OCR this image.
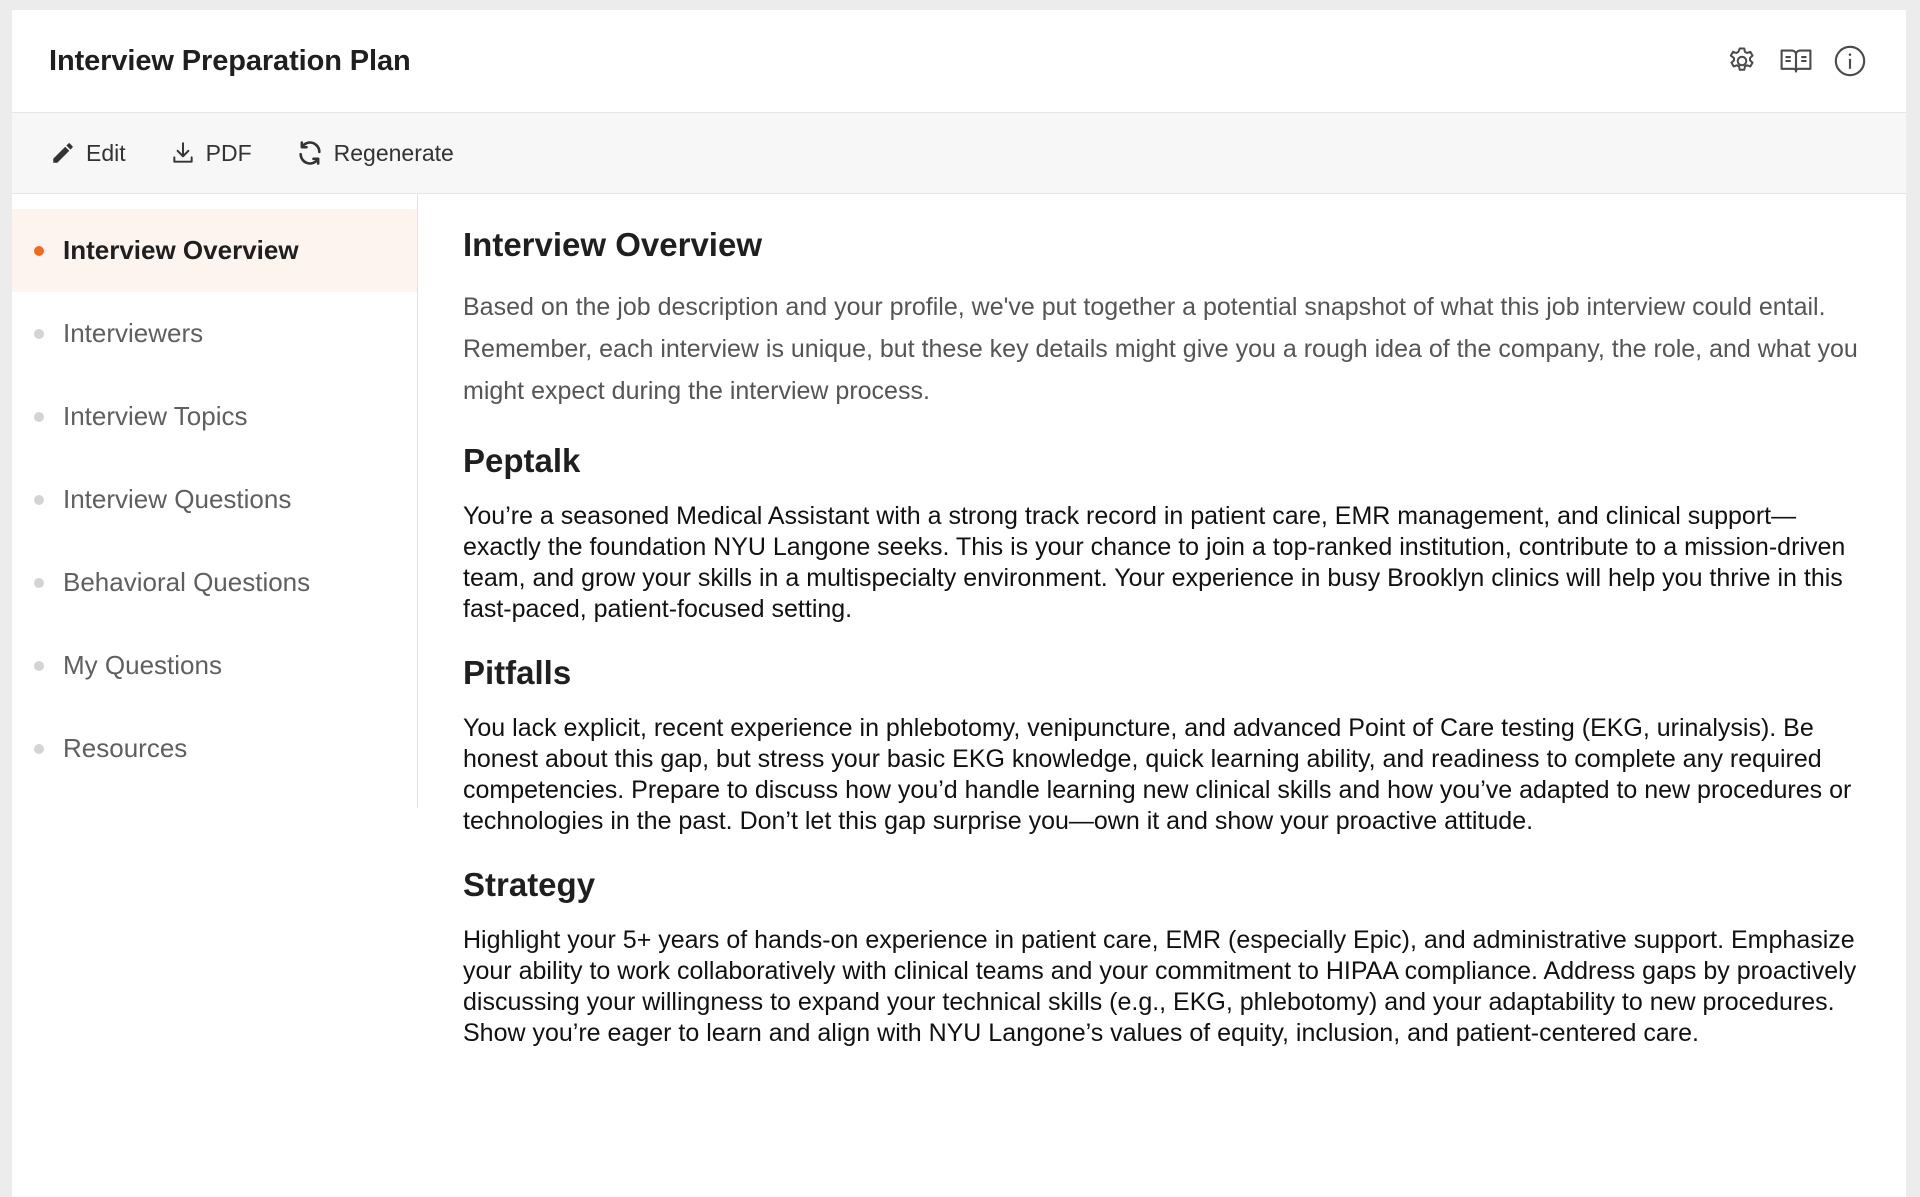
Interview Preparation Plan
Edit	PDF	Regenerate
Interview Overview
Interviewers
Interview Topics
Interview Questions
Behavioral Questions
My Questions
Resources
Interview Overview

Based on the job description and your profile, we've put together a potential snapshot of what this job interview could entail. Remember, each interview is unique, but these key details might give you a rough idea of the company, the role, and what you might expect during the interview process.

Peptalk

You’re a seasoned Medical Assistant with a strong track record in patient care, EMR management, and clinical support—exactly the foundation NYU Langone seeks. This is your chance to join a top-ranked institution, contribute to a mission-driven team, and grow your skills in a multispecialty environment. Your experience in busy Brooklyn clinics will help you thrive in this fast-paced, patient-focused setting.

Pitfalls

You lack explicit, recent experience in phlebotomy, venipuncture, and advanced Point of Care testing (EKG, urinalysis). Be honest about this gap, but stress your basic EKG knowledge, quick learning ability, and readiness to complete any required competencies. Prepare to discuss how you’d handle learning new clinical skills and how you’ve adapted to new procedures or technologies in the past. Don’t let this gap surprise you—own it and show your proactive attitude.

Strategy

Highlight your 5+ years of hands-on experience in patient care, EMR (especially Epic), and administrative support. Emphasize your ability to work collaboratively with clinical teams and your commitment to HIPAA compliance. Address gaps by proactively discussing your willingness to expand your technical skills (e.g., EKG, phlebotomy) and your adaptability to new procedures. Show you’re eager to learn and align with NYU Langone’s values of equity, inclusion, and patient-centered care.
